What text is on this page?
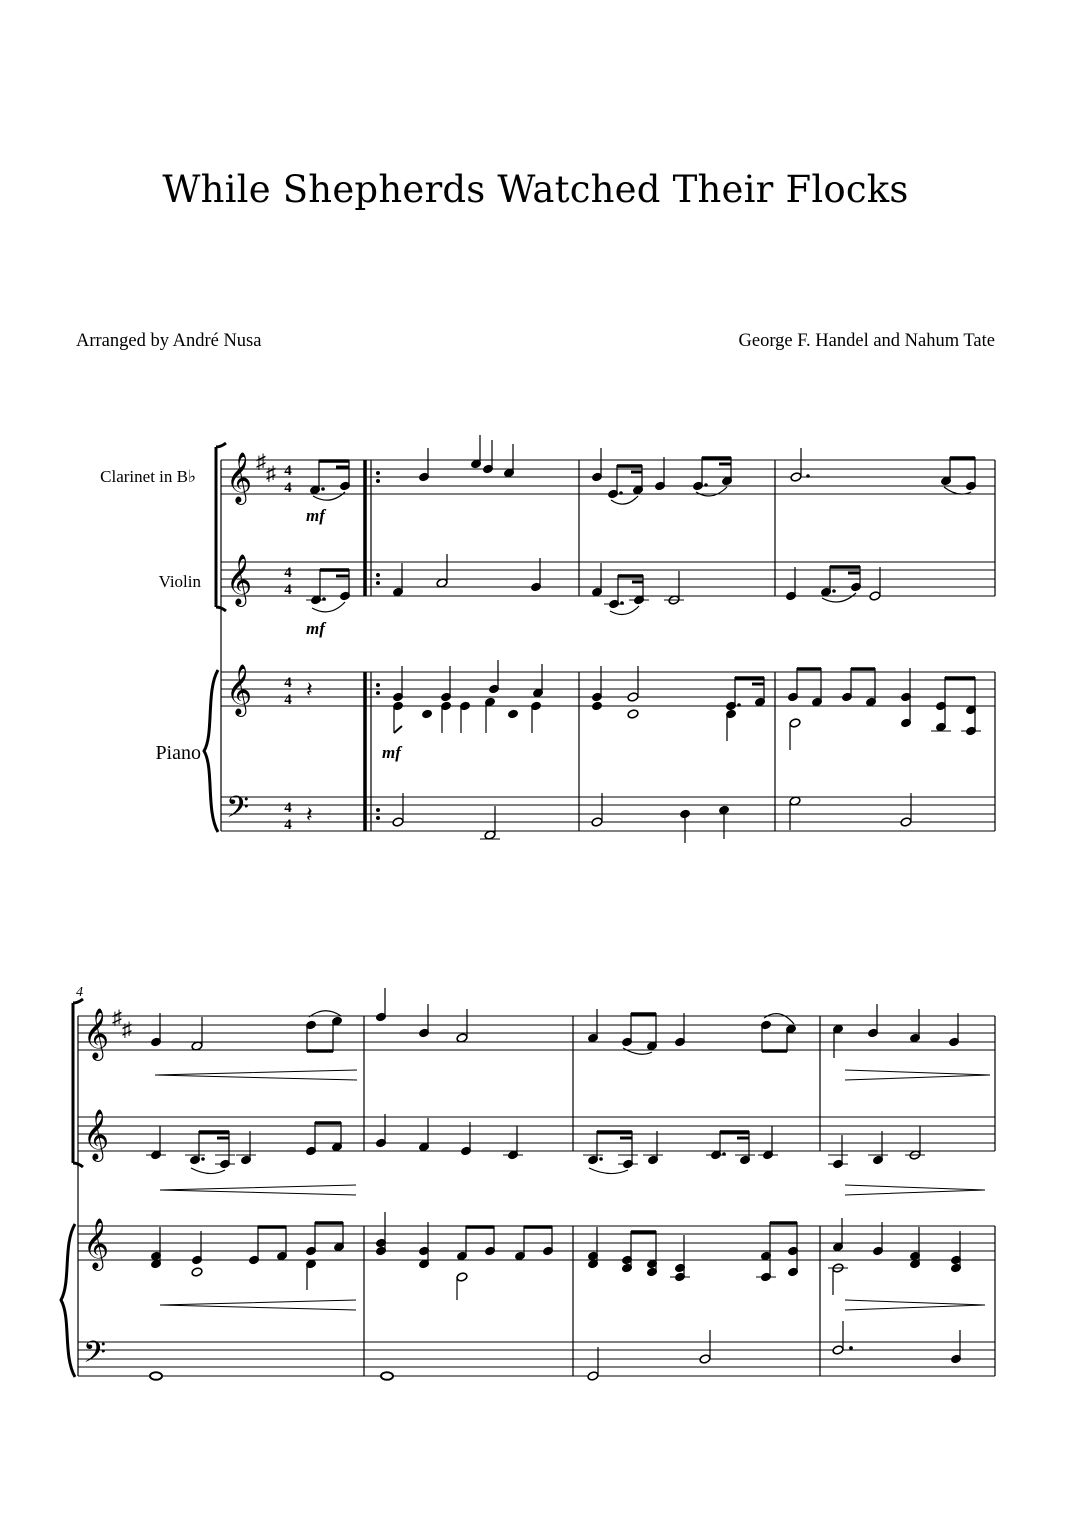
While Shepherds Watched Their Flocks
Arranged by André Nusa	George F. Handel and Nahum Tate
Clarinet in B♭
Violin
Piano
𝄞
𝄞
𝄞
𝄢
♯
♯ 4
4
4
4
4
4
4
4
mf
mf
mf
𝄽
𝄽
4
𝄞
𝄞
𝄞
𝄢
♯
♯
